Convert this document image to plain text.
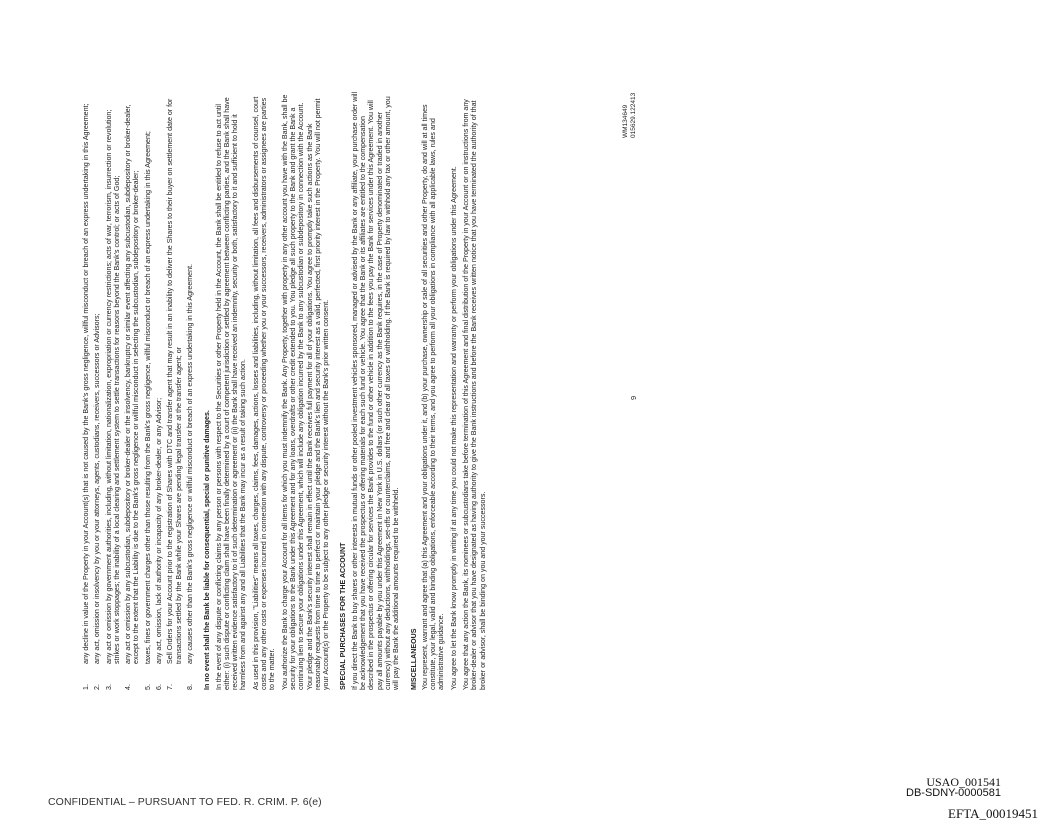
1.
any decline in value of the Property in your Account(s) that is not caused by the Bank's gross negligence, willful misconduct or breach of an express undertaking in this Agreement;
2.
any act, omission or insolvency by you or your attorneys, agents, custodians, receivers, successors or Advisors;
3.
any act or omission by government authorities, including, without limitation, nationalization, expropriation or currency restrictions; acts of war, terrorism, insurrection or revolution; strikes or work stoppages; the inability of a local clearing and settlement system to settle transactions for reasons beyond the Bank's control; or acts of God;
4.
any act or omission by any subcustodian, subdepository or broker-dealer or the insolvency, bankruptcy or similar event affecting any subcustodian, subdepository or broker-dealer, except to the extent that the Liability is due to the Bank's gross negligence or willful misconduct in selecting the subcustodian, subdepository or broker-dealer;
5.
taxes, fines or government charges other than those resulting from the Bank's gross negligence, willful misconduct or breach of an express undertaking in this Agreement;
6.
any act, omission, lack of authority or incapacity of any broker-dealer, or any Advisor;
7.
Sell Orders for your Account prior to the registration of Shares with DTC and transfer agent that may result in an inability to deliver the Shares to their buyer on settlement date or for transactions settled by the Bank while your Shares are pending legal transfer at the transfer agent; or
8.
any causes other than the Bank's gross negligence or willful misconduct or breach of an express undertaking in this Agreement. In no event shall the Bank be liable for consequential, special or punitive damages. In the event of any dispute or conflicting claims by any person or persons with respect to the Securities or other Property held in the Account, the Bank shall be entitled to refuse to act until either: (i) such dispute or conflicting claim shall have been finally determined by a court of competent jurisdiction or settled by agreement between conflicting parties, and the Bank shall have received written evidence satisfactory to it of such determination or agreement or (ii) the Bank shall have received an indemnity, security or both, satisfactory to it and sufficient to hold it harmless from and against any and all Liabilities that the Bank may incur as a result of taking such action. As used in this provision, "Liabilities" means all taxes, charges, claims, fees, damages, actions, losses and liabilities, including, without limitation, all fees and disbursements of counsel, court costs and any other costs or expenses incurred in connection with any dispute, controversy or proceeding whether you or your successors, receivers, administrators or assignees are parties to the matter. You authorize the Bank to charge your Account for all items for which you must indemnify the Bank. Any Property, together with property in any other account you have with the Bank, shall be security for your obligations to the Bank under this Agreement and for any loans, overdrafts or other credit extended to you. You pledge all such property to the Bank and grant the Bank a continuing lien to secure your obligations under this Agreement, which will include any obligation incurred by the Bank to any subcustodian or subdepository in connection with the Account. Your pledge and the Bank's security interest shall remain in effect until the Bank receives full payment for all of your obligations. You agree to promptly take such actions as the Bank reasonably requests from time to time to perfect or maintain your pledge and the Bank's lien and security interest as a valid, perfected, first priority interest in the Property. You will not permit your Account(s) or the Property to be subject to any other pledge or security interest without the Bank's prior written consent. SPECIAL PURCHASES FOR THE ACCOUNT If you direct the Bank to buy shares or other interests in mutual funds or other pooled investment vehicles sponsored, managed or advised by the Bank or any affiliate, your purchase order will be acknowledgement that you have received the prospectus or offering materials for each such fund or vehicle. You agree that the Bank or its affiliates are entitled to the compensation described in the prospectus or offering circular for services the Bank provides to the fund or other vehicle in addition to the fees you pay the Bank for services under this Agreement. You will pay all amounts payable by you under this Agreement in New York in U.S. dollars (or such other currency as the Bank requires, in the case of Property denominated or traded in another currency) without any deductions, withholdings, set-offs or counterclaims, and free and clear of all taxes or withholding. If the Bank is required by law to withhold any tax or other amount, you will pay the Bank the additional amounts required to be withheld. MISCELLANEOUS You represent, warrant and agree that (a) this Agreement and your obligations under it, and (b) your purchase, ownership or sale of all securities and other Property, do and will at all times constitute, your legal, valid and binding obligations, enforceable according to their terms, and you agree to perform all your obligations in compliance with all applicable laws, rules and administrative guidance. You agree to let the Bank know promptly in writing if at any time you could not make this representation and warranty or perform your obligations under this Agreement. You agree that any action the Bank, its nominees or subcustodians take before termination of this Agreement and final distribution of the Property in your Account or on instructions from any broker-dealer or advisor that you have designated as having authority to give the Bank instructions and before the Bank receives written notice that you have terminated the authority of that broker or advisor, shall be binding on you and your successors.

9
WM134649 015629.122413
CONFIDENTIAL – PURSUANT TO FED. R. CRIM. P. 6(e)
USAO_001541
DB-SDNY-0000581
EFTA_00019451
